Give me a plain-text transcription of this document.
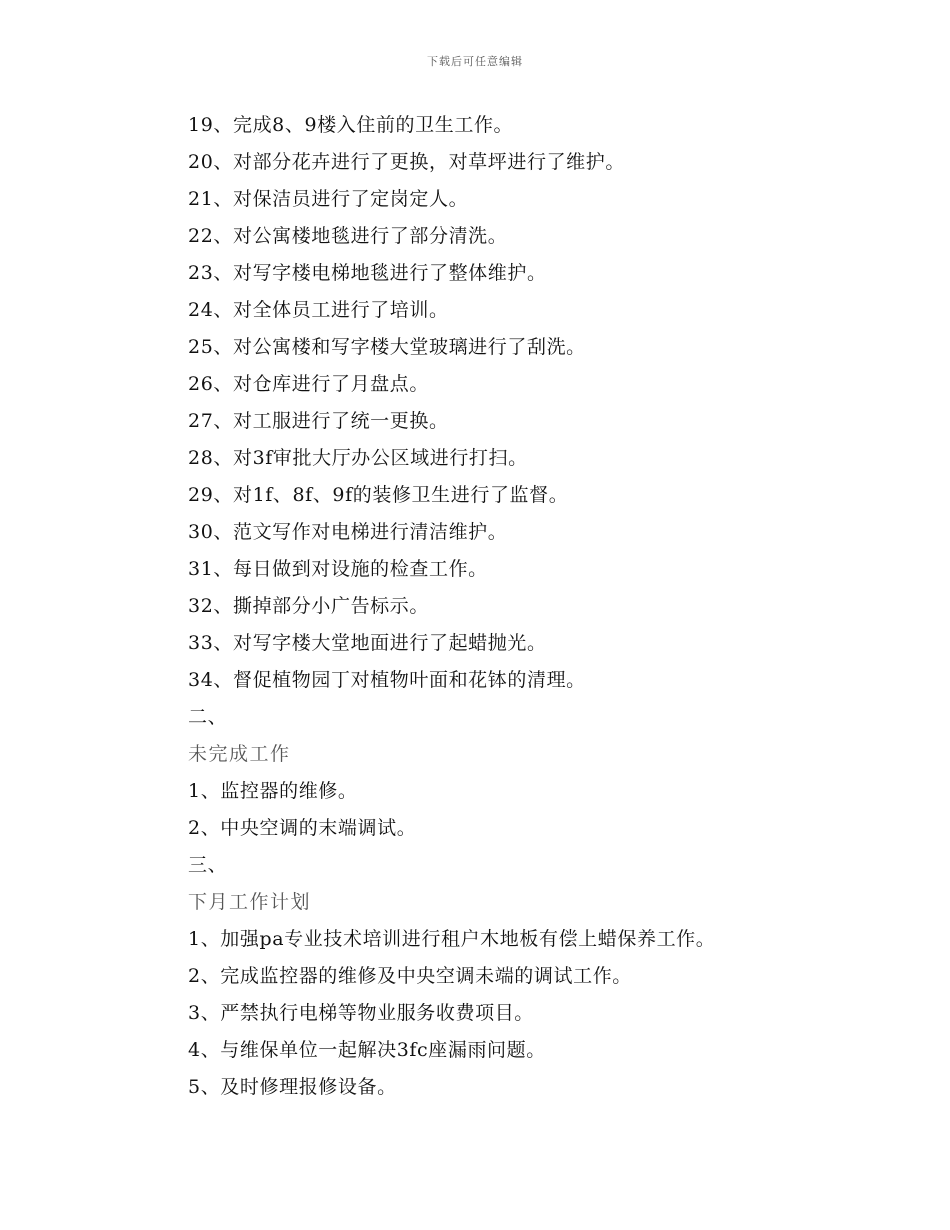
下载后可任意编辑
19、完成8、9楼入住前的卫生工作。
20、对部分花卉进行了更换，对草坪进行了维护。
21、对保洁员进行了定岗定人。
22、对公寓楼地毯进行了部分清洗。
23、对写字楼电梯地毯进行了整体维护。
24、对全体员工进行了培训。
25、对公寓楼和写字楼大堂玻璃进行了刮洗。
26、对仓库进行了月盘点。
27、对工服进行了统一更换。
28、对3f审批大厅办公区域进行打扫。
29、对1f、8f、9f的装修卫生进行了监督。
30、范文写作对电梯进行清洁维护。
31、每日做到对设施的检查工作。
32、撕掉部分小广告标示。
33、对写字楼大堂地面进行了起蜡抛光。
34、督促植物园丁对植物叶面和花钵的清理。
二、
未完成工作
1、监控器的维修。
2、中央空调的末端调试。
三、
下月工作计划
1、加强pa专业技术培训进行租户木地板有偿上蜡保养工作。
2、完成监控器的维修及中央空调未端的调试工作。
3、严禁执行电梯等物业服务收费项目。
4、与维保单位一起解决3fc座漏雨问题。
5、及时修理报修设备。
